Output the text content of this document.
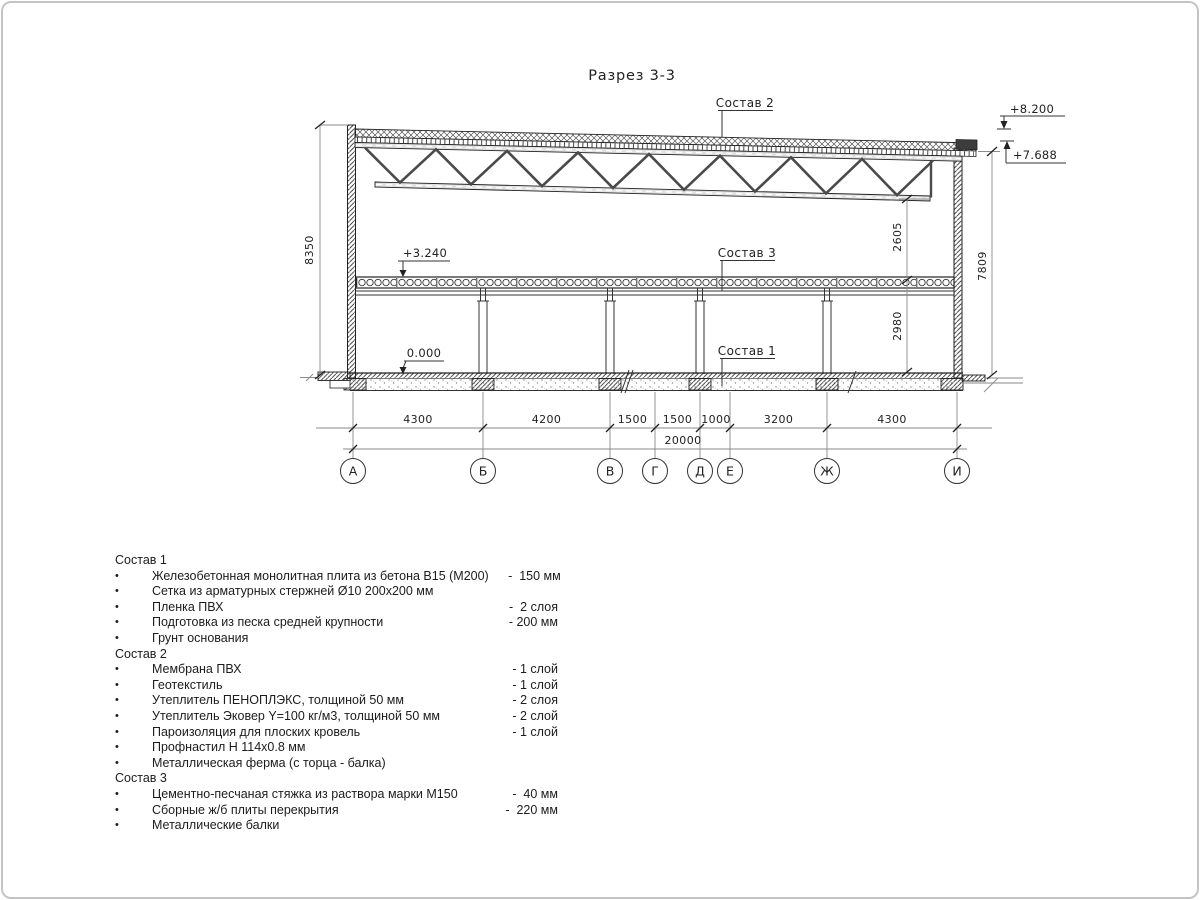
Разрез 3-3
+8.200
+7.688
+3.240
0.000
Состав 2
Состав 3
Состав 1
8350	2605
2980
7809
4300	4200	1500 1500 1000	3200	4300
20000
А	Б	В	Г	Д Е	Ж	И
Состав 1
•	Железобетонная монолитная плита из бетона В15 (М200)	-  150 мм
•	Сетка из арматурных стержней Ø10 200х200 мм
•	Пленка ПВХ	-  2 слоя
•	Подготовка из песка средней крупности	- 200 мм
•	Грунт основания
Состав 2
•	Мембрана ПВХ	- 1 слой
•	Геотекстиль	- 1 слой
•	Утеплитель ПЕНОПЛЭКС, толщиной 50 мм	- 2 слоя
•	Утеплитель Эковер Y=100 кг/м3, толщиной 50 мм	- 2 слой
•	Пароизоляция для плоских кровель	- 1 слой
•	Профнастил Н 114х0.8 мм
•	Металлическая ферма (с торца - балка)
Состав 3
•	Цементно-песчаная стяжка из раствора марки М150	-  40 мм
•	Сборные ж/б плиты перекрытия	-  220 мм
•	Металлические балки
